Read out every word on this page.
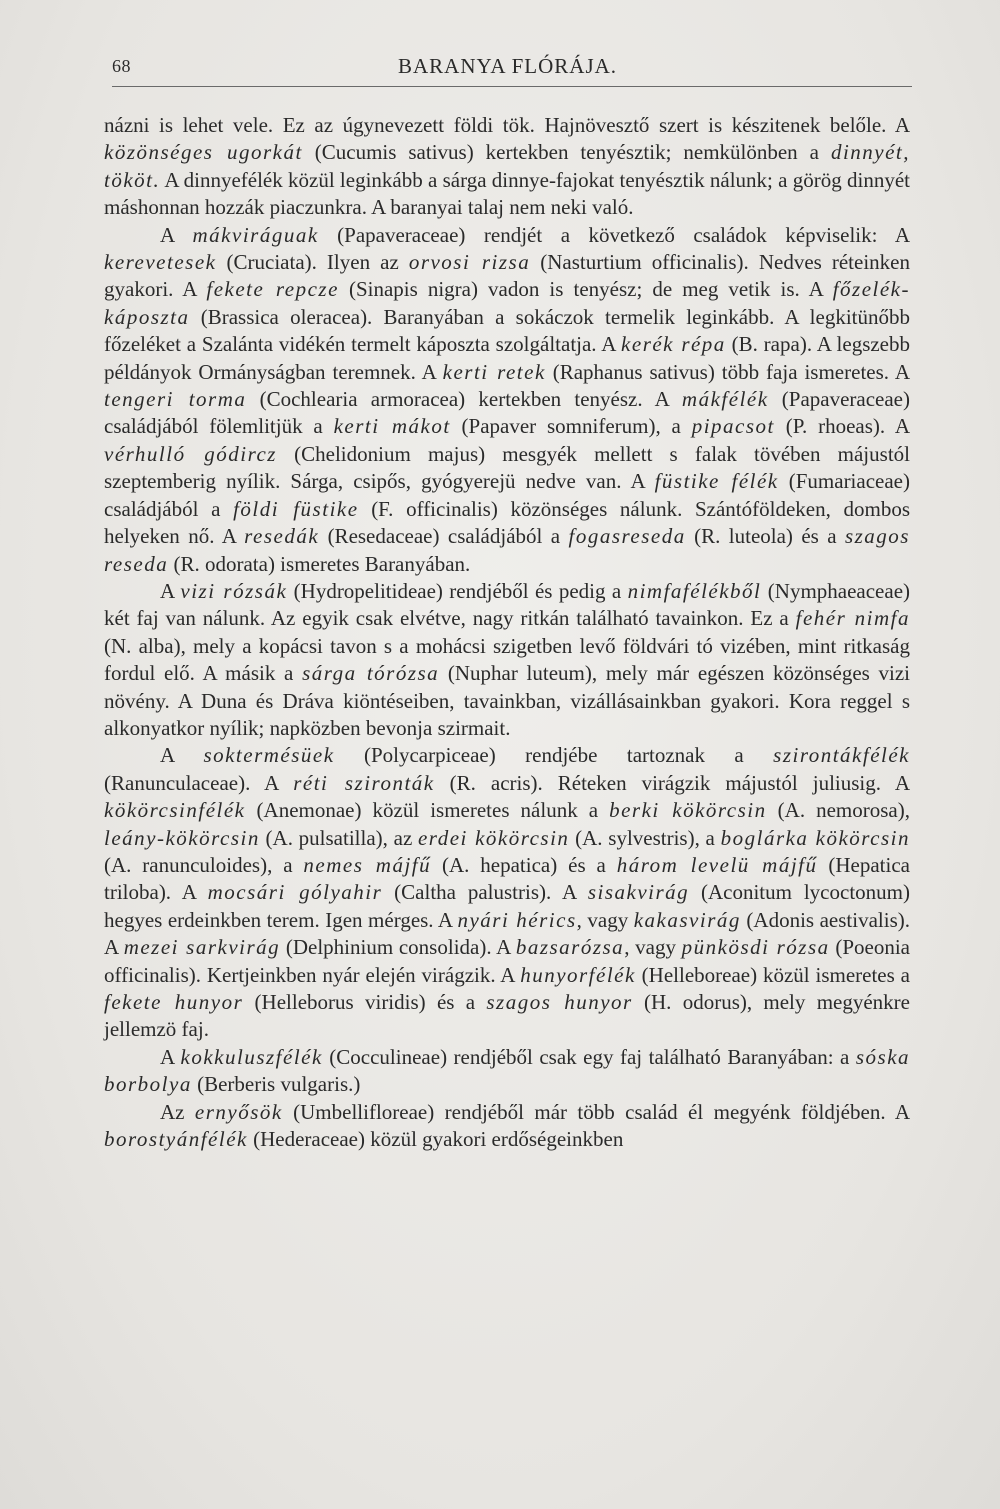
68	BARANYA FLÓRÁJA.

názni is lehet vele. Ez az úgynevezett földi tök. Hajnövesztő szert is készitenek belőle. A közönséges ugorkát (Cucumis sativus) kertekben tenyésztik; nemkülönben a dinnyét, tököt. A dinnyefélék közül leginkább a sárga dinnye-fajokat tenyésztik nálunk; a görög dinnyét máshonnan hozzák piaczunkra. A baranyai talaj nem neki való.

A mákviráguak (Papaveraceae) rendjét a következő családok képviselik: A kerevetesek (Cruciata). Ilyen az orvosi rizsa (Nasturtium officinalis). Nedves réteinken gyakori. A fekete repcze (Sinapis nigra) vadon is tenyész; de meg vetik is. A főzelék-káposzta (Brassica oleracea). Baranyában a sokáczok termelik leginkább. A legkitünőbb főzeléket a Szalánta vidékén termelt káposzta szolgáltatja. A kerék répa (B. rapa). A legszebb példányok Ormányságban teremnek. A kerti retek (Raphanus sativus) több faja ismeretes. A tengeri torma (Cochlearia armoracea) kertekben tenyész. A mákfélék (Papaveraceae) családjából fölemlitjük a kerti mákot (Papaver somniferum), a pipacsot (P. rhoeas). A vérhulló gódircz (Chelidonium majus) mesgyék mellett s falak tövében májustól szeptemberig nyílik. Sárga, csipős, gyógyerejü nedve van. A füstike félék (Fumariaceae) családjából a földi füstike (F. officinalis) közönséges nálunk. Szántóföldeken, dombos helyeken nő. A resedák (Resedaceae) családjából a fogasreseda (R. luteola) és a szagos reseda (R. odorata) ismeretes Baranyában.

A vizi rózsák (Hydropelitideae) rendjéből és pedig a nimfafélékből (Nymphaeaceae) két faj van nálunk. Az egyik csak elvétve, nagy ritkán található tavainkon. Ez a fehér nimfa (N. alba), mely a kopácsi tavon s a mohácsi szigetben levő földvári tó vizében, mint ritkaság fordul elő. A másik a sárga tórózsa (Nuphar luteum), mely már egészen közönséges vizi növény. A Duna és Dráva kiöntéseiben, tavainkban, vizállásainkban gyakori. Kora reggel s alkonyatkor nyílik; napközben bevonja szirmait.

A soktermésüek (Polycarpiceae) rendjébe tartoznak a szirontákfélék (Ranunculaceae). A réti szironták (R. acris). Réteken virágzik májustól juliusig. A kökörcsinfélék (Anemonae) közül ismeretes nálunk a berki kökörcsin (A. nemorosa), leány-kökörcsin (A. pulsatilla), az erdei kökörcsin (A. sylvestris), a boglárka kökörcsin (A. ranunculoides), a nemes májfű (A. hepatica) és a három levelü májfű (Hepatica triloba). A mocsári gólyahir (Caltha palustris). A sisakvirág (Aconitum lycoctonum) hegyes erdeinkben terem. Igen mérges. A nyári hérics, vagy kakasvirág (Adonis aestivalis). A mezei sarkvirág (Delphinium consolida). A bazsarózsa, vagy pünkösdi rózsa (Poeonia officinalis). Kertjeinkben nyár elején virágzik. A hunyorfélék (Helleboreae) közül ismeretes a fekete hunyor (Helleborus viridis) és a szagos hunyor (H. odorus), mely megyénkre jellemzö faj.

A kokkuluszfélék (Cocculineae) rendjéből csak egy faj található Baranyában: a sóska borbolya (Berberis vulgaris.)

Az ernyősök (Umbelliflorеae) rendjéből már több család él megyénk földjében. A borostyánfélék (Hederaceae) közül gyakori erdőségeinkben
